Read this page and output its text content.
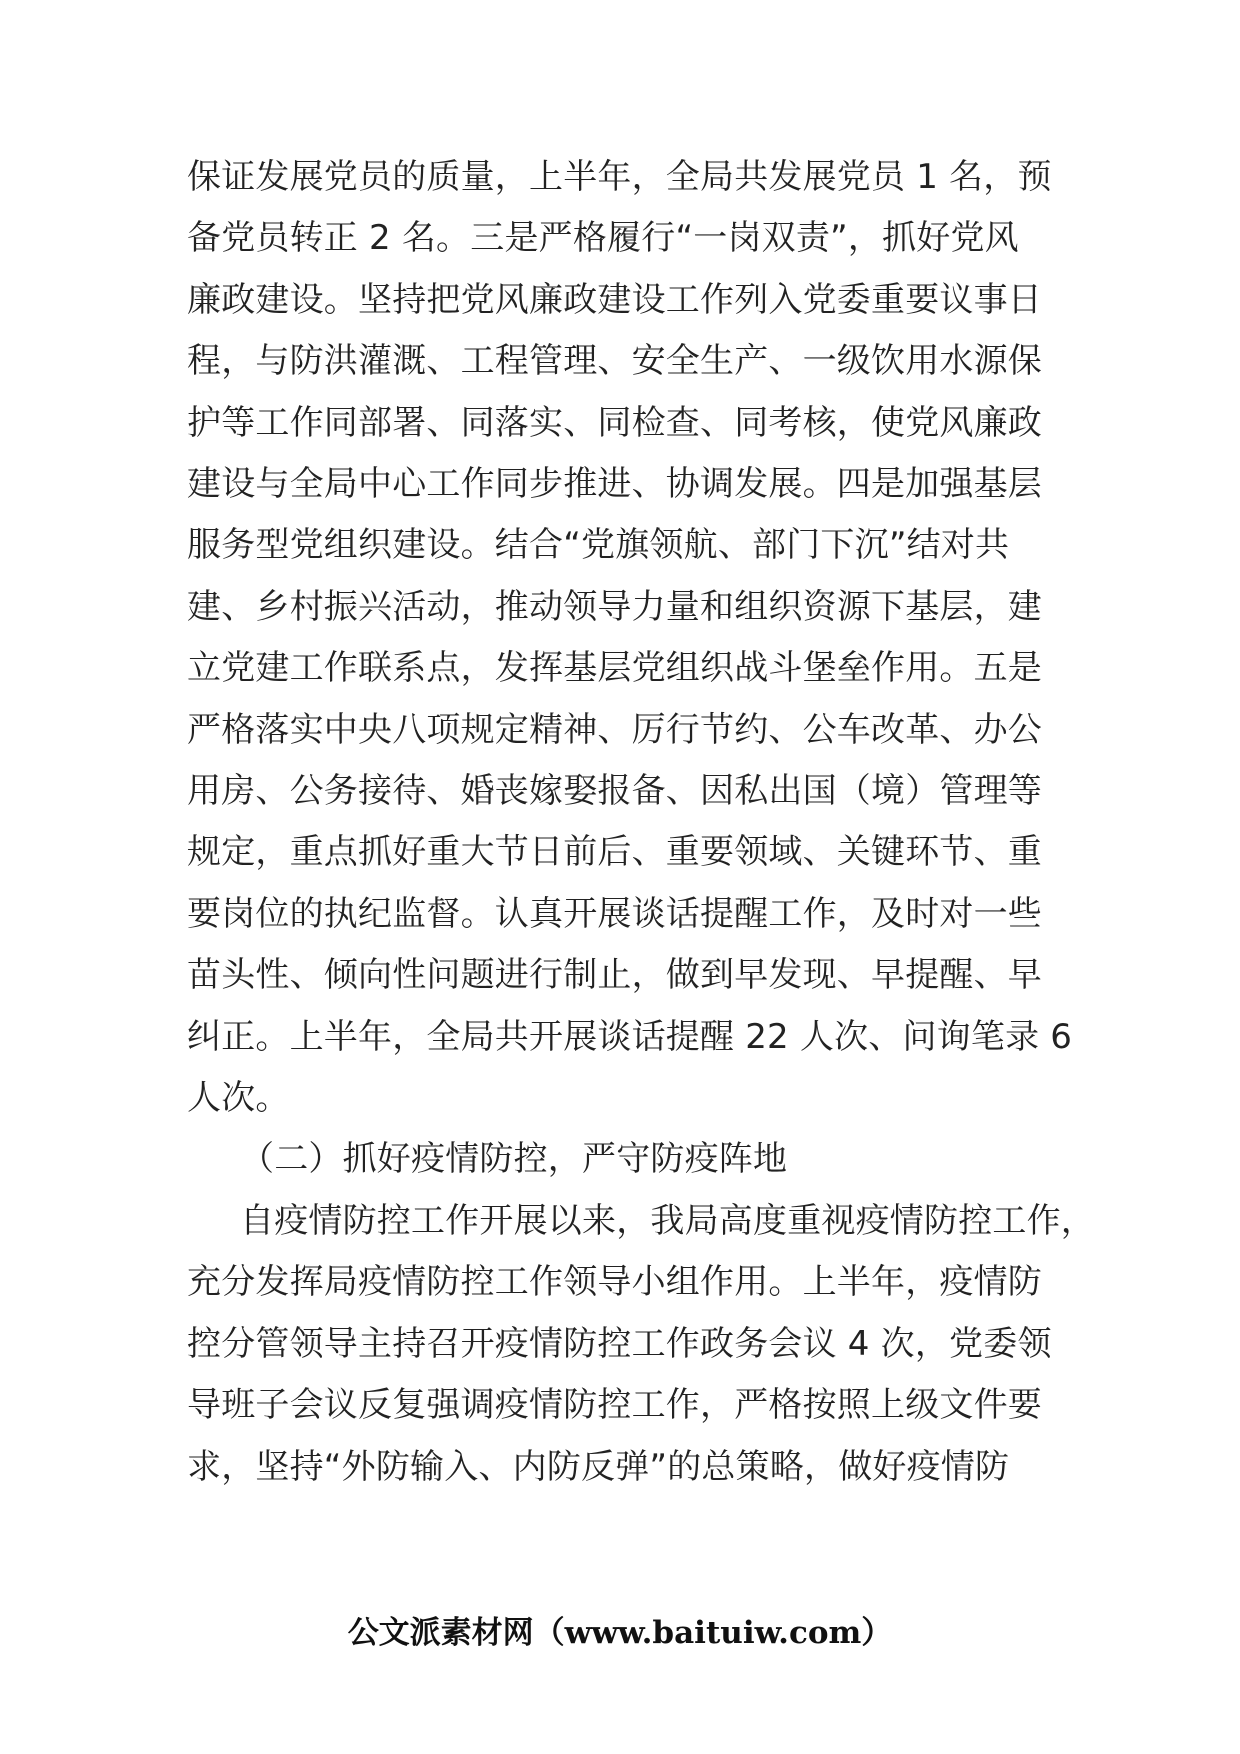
保证发展党员的质量，上半年，全局共发展党员 1 名，预
备党员转正 2 名。三是严格履行“一岗双责”，抓好党风
廉政建设。坚持把党风廉政建设工作列入党委重要议事日
程，与防洪灌溉、工程管理、安全生产、一级饮用水源保
护等工作同部署、同落实、同检查、同考核，使党风廉政
建设与全局中心工作同步推进、协调发展。四是加强基层
服务型党组织建设。结合“党旗领航、部门下沉”结对共
建、乡村振兴活动，推动领导力量和组织资源下基层，建
立党建工作联系点，发挥基层党组织战斗堡垒作用。五是
严格落实中央八项规定精神、厉行节约、公车改革、办公
用房、公务接待、婚丧嫁娶报备、因私出国（境）管理等
规定，重点抓好重大节日前后、重要领域、关键环节、重
要岗位的执纪监督。认真开展谈话提醒工作，及时对一些
苗头性、倾向性问题进行制止，做到早发现、早提醒、早
纠正。上半年，全局共开展谈话提醒 22 人次、问询笔录 6
人次。
（二）抓好疫情防控，严守防疫阵地
自疫情防控工作开展以来，我局高度重视疫情防控工作，
充分发挥局疫情防控工作领导小组作用。上半年，疫情防
控分管领导主持召开疫情防控工作政务会议 4 次，党委领
导班子会议反复强调疫情防控工作，严格按照上级文件要
求，坚持“外防输入、内防反弹”的总策略，做好疫情防
公文派素材网（www.baituiw.com）
